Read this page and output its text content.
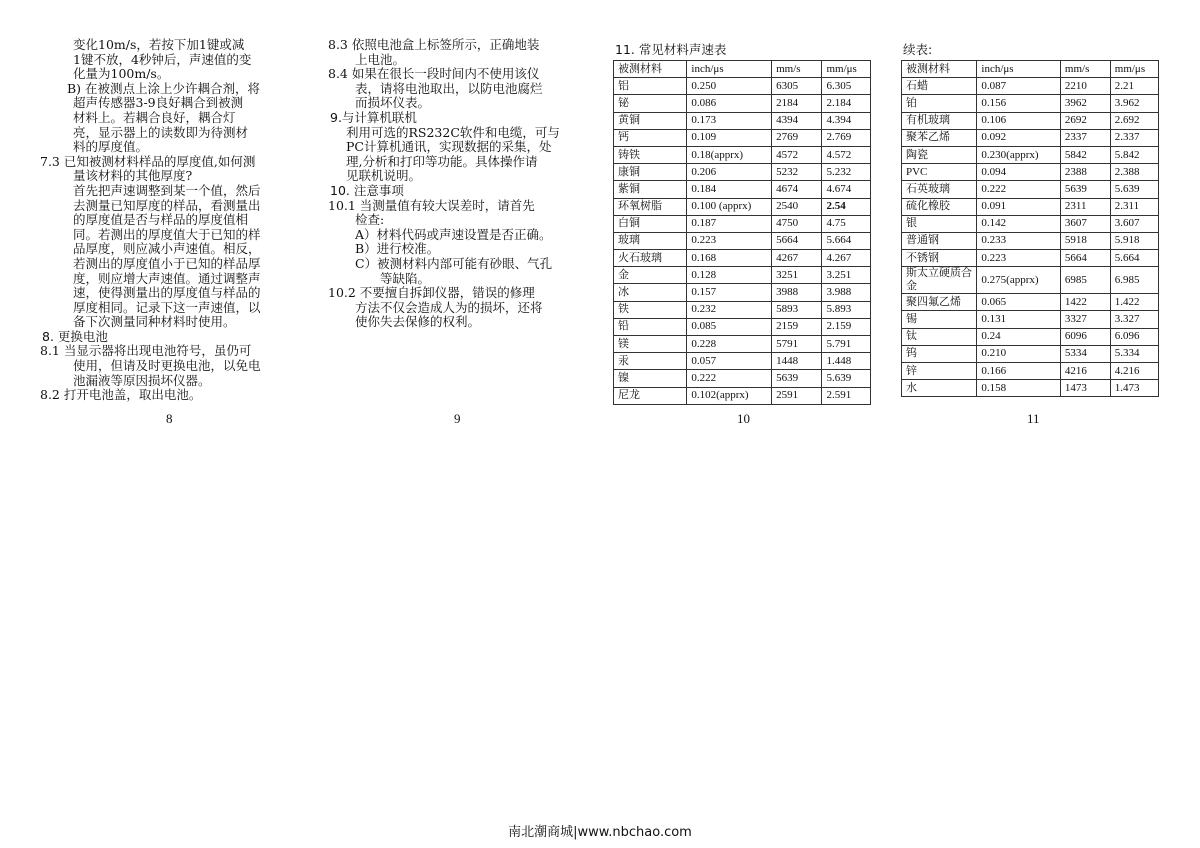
变化10m/s，若按下加1键或减

1键不放，4秒钟后，声速值的变

化量为100m/s。

B) 在被测点上涂上少许耦合剂，将

超声传感器3-9良好耦合到被测

材料上。若耦合良好，耦合灯

亮，显示器上的读数即为待测材

料的厚度值。

7.3 已知被测材料样品的厚度值,如何测

量该材料的其他厚度?

首先把声速调整到某一个值，然后

去测量已知厚度的样品，看测量出

的厚度值是否与样品的厚度值相

同。若测出的厚度值大于已知的样

品厚度，则应减小声速值。相反，

若测出的厚度值小于已知的样品厚

度，则应增大声速值。通过调整声

速，使得测量出的厚度值与样品的

厚度相同。记录下这一声速值，以

备下次测量同种材料时使用。

8. 更换电池

8.1 当显示器将出现电池符号，虽仍可

使用，但请及时更换电池，以免电

池漏液等原因损坏仪器。

8.2 打开电池盖，取出电池。

8

8.3 依照电池盒上标签所示，正确地装

上电池。

8.4 如果在很长一段时间内不使用该仪

表，请将电池取出，以防电池腐烂

而损坏仪表。

9.与计算机联机

利用可选的RS232C软件和电缆，可与

PC计算机通讯，实现数据的采集，处

理,分析和打印等功能。具体操作请

见联机说明。

10. 注意事项

10.1 当测量值有较大误差时，请首先

检查:

A）材料代码或声速设置是否正确。

B）进行校准。

C）被测材料内部可能有砂眼、气孔

等缺陷。

10.2 不要擅自拆卸仪器，错误的修理

方法不仅会造成人为的损坏，还将

使你失去保修的权利。

9
11. 常见材料声速表
被测材料	inch/μs	mm/s	mm/μs
铝	0.250	6305	6.305
铋	0.086	2184	2.184
黄铜	0.173	4394	4.394
钙	0.109	2769	2.769
铸铁	0.18(apprx)	4572	4.572
康铜	0.206	5232	5.232
紫铜	0.184	4674	4.674
环氧树脂	0.100 (apprx)	2540	2.54
白铜	0.187	4750	4.75
玻璃	0.223	5664	5.664
火石玻璃	0.168	4267	4.267
金	0.128	3251	3.251
冰	0.157	3988	3.988
铁	0.232	5893	5.893
铅	0.085	2159	2.159
镁	0.228	5791	5.791
汞	0.057	1448	1.448
镍	0.222	5639	5.639
尼龙	0.102(apprx)	2591	2.591
10
续表:
被测材料	inch/μs	mm/s	mm/μs
石蜡	0.087	2210	2.21
铂	0.156	3962	3.962
有机玻璃	0.106	2692	2.692
聚苯乙烯	0.092	2337	2.337
陶瓷	0.230(apprx)	5842	5.842
PVC	0.094	2388	2.388
石英玻璃	0.222	5639	5.639
硫化橡胶	0.091	2311	2.311
银	0.142	3607	3.607
普通钢	0.233	5918	5.918
不锈钢	0.223	5664	5.664
斯太立硬质合金	0.275(apprx)	6985	6.985
聚四氟乙烯	0.065	1422	1.422
锡	0.131	3327	3.327
钛	0.24	6096	6.096
钨	0.210	5334	5.334
锌	0.166	4216	4.216
水	0.158	1473	1.473
11
南北潮商城|www.nbchao.com
